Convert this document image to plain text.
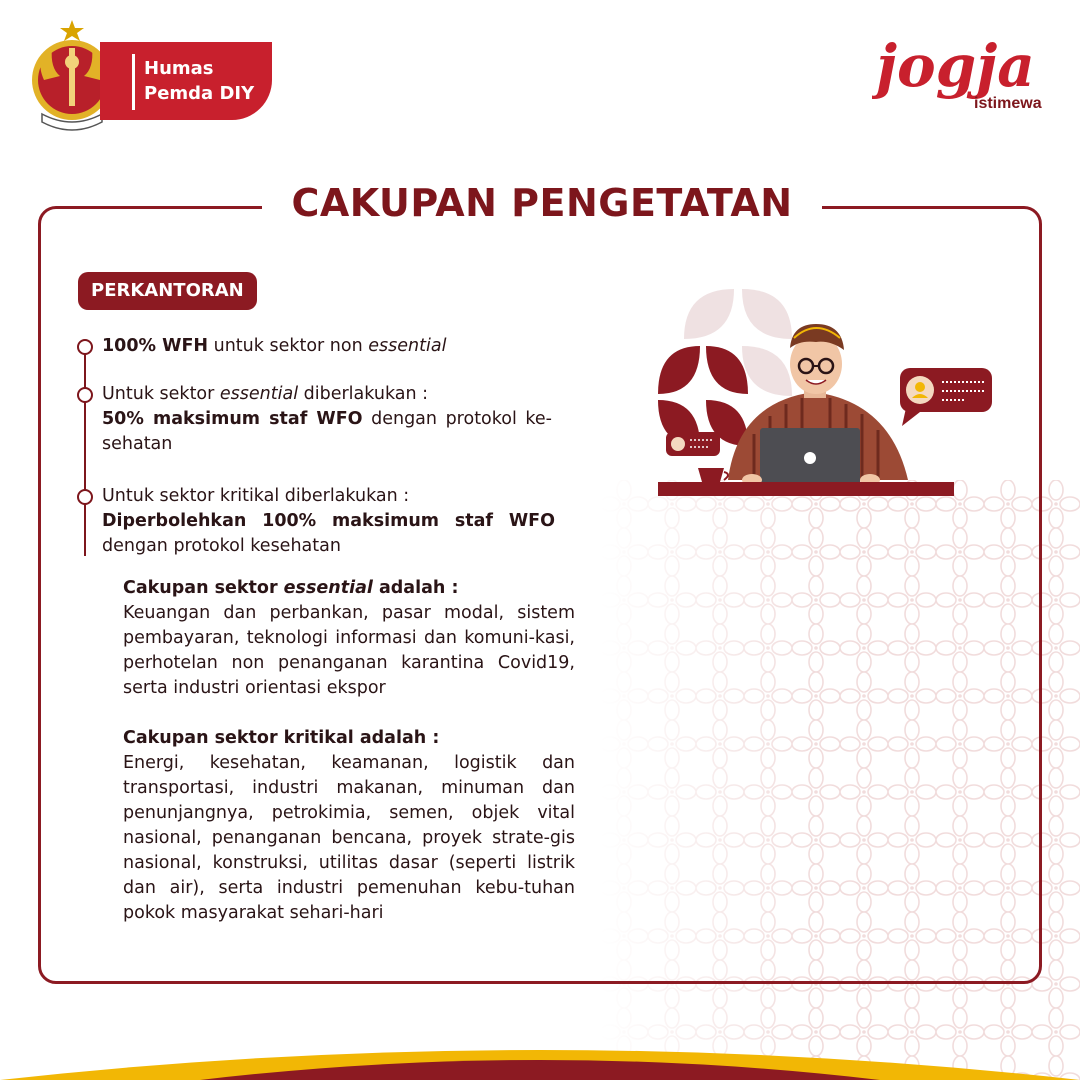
Humas
Pemda DIY	jogja
istimewa
CAKUPAN PENGETATAN
PERKANTORAN
100% WFH untuk sektor non essential
Untuk sektor essential diberlakukan :
50% maksimum staf WFO dengan protokol ke-sehatan
Untuk sektor kritikal diberlakukan :
Diperbolehkan 100% maksimum staf WFO
dengan protokol kesehatan
Cakupan sektor essential adalah :
Keuangan dan perbankan, pasar modal, sistem pembayaran, teknologi informasi dan komuni-kasi, perhotelan non penanganan karantina Covid19, serta industri orientasi ekspor
Cakupan sektor kritikal adalah :
Energi, kesehatan, keamanan, logistik dan transportasi, industri makanan, minuman dan penunjangnya, petrokimia, semen, objek vital nasional, penanganan bencana, proyek strate-gis nasional, konstruksi, utilitas dasar (seperti listrik dan air), serta industri pemenuhan kebu-tuhan pokok masyarakat sehari-hari
